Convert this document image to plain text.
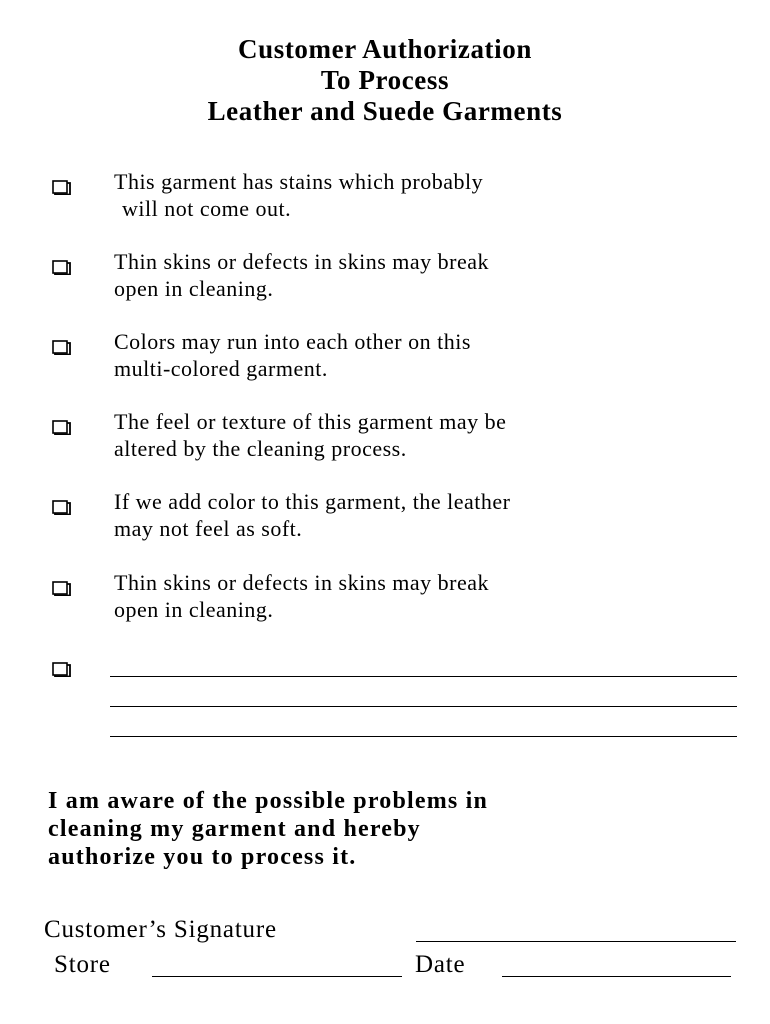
Customer Authorization
To Process
Leather and Suede Garments
This garment has stains which probably
will not come out.
Thin skins or defects in skins may break
open in cleaning.
Colors may run into each other on this
multi-colored garment.
The feel or texture of this garment may be
altered by the cleaning process.
If we add color to this garment, the leather
may not feel as soft.
Thin skins or defects in skins may break
open in cleaning.
I am aware of the possible problems in
cleaning my garment and hereby
authorize you to process it.
Customer’s Signature
Store	Date
